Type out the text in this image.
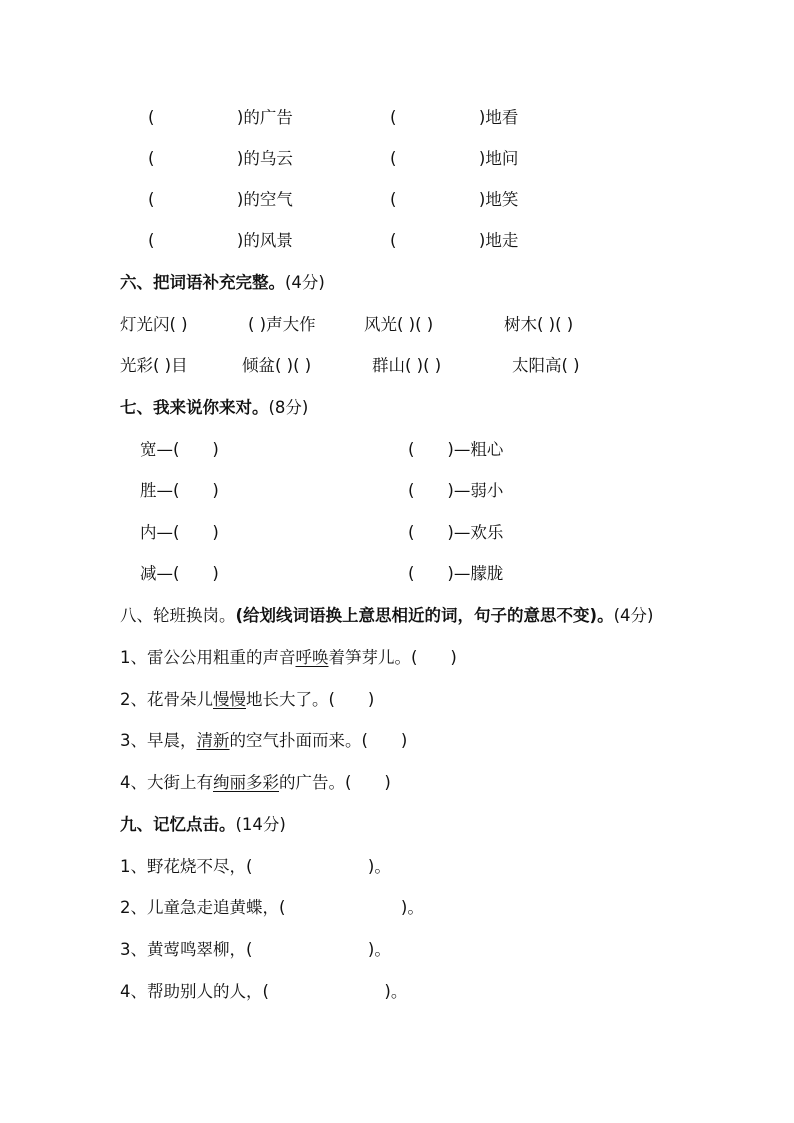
(　　　　　)的广告	(　　　　　)地看
(　　　　　)的乌云	(　　　　　)地问
(　　　　　)的空气	(　　　　　)地笑
(　　　　　)的风景	(　　　　　)地走
六、把词语补充完整。(4分)
灯光闪( )	( )声大作	风光( )( )	树木( )( )
光彩( )目	倾盆( )( )	群山( )( )	太阳高( )
七、我来说你来对。(8分)
宽—(　　)	(　　)—粗心
胜—(　　)	(　　)—弱小
内—(　　)	(　　)—欢乐
减—(　　)	(　　)—朦胧
八、轮班换岗。(给划线词语换上意思相近的词，句子的意思不变)。(4分)
1、雷公公用粗重的声音呼唤着笋芽儿。(　　)
2、花骨朵儿慢慢地长大了。(　　)
3、早晨，清新的空气扑面而来。(　　)
4、大街上有绚丽多彩的广告。(　　)
九、记忆点击。(14分)
1、野花烧不尽，(　　　　　　　)。
2、儿童急走追黄蝶，(　　　　　　　)。
3、黄莺鸣翠柳，(　　　　　　　)。
4、帮助别人的人，(　　　　　　　)。
